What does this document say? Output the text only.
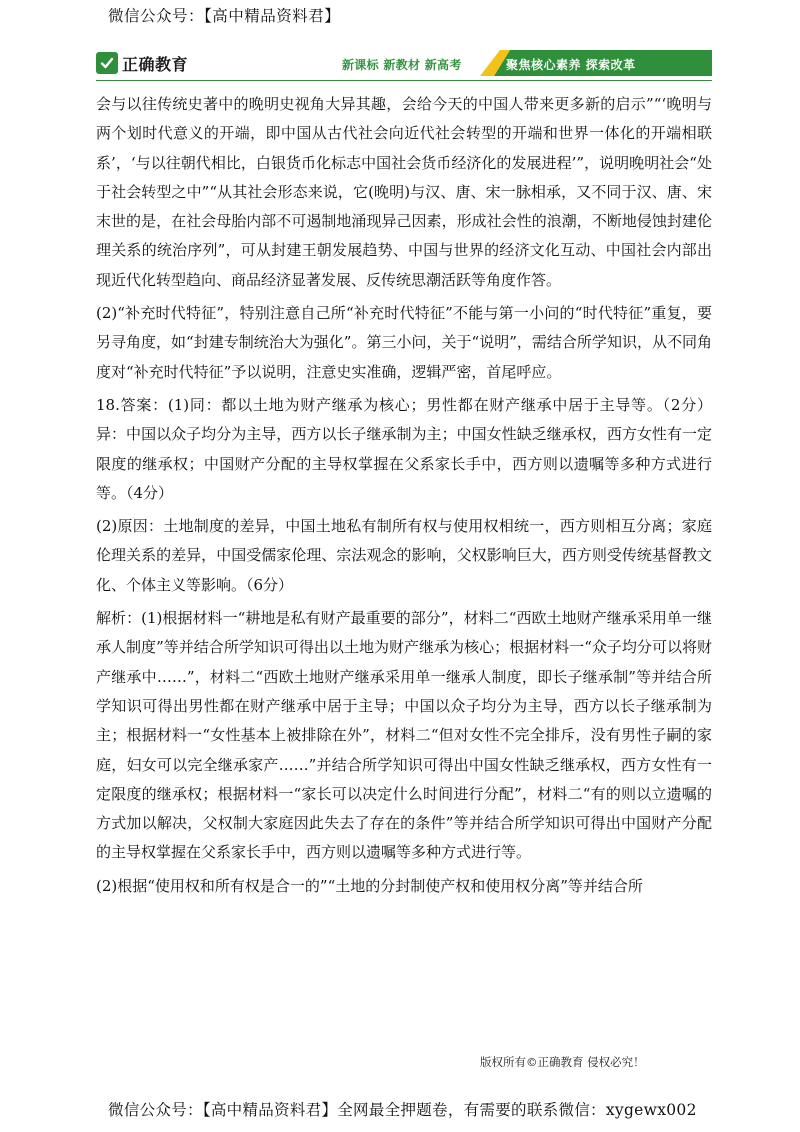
微信公众号：【高中精品资料君】
正确教育	新课标 新教材 新高考	聚焦核心素养 探索改革

会与以往传统史著中的晚明史视角大异其趣，会给今天的中国人带来更多新的启示”“‘晚明与两个划时代意义的开端，即中国从古代社会向近代社会转型的开端和世界一体化的开端相联系’，‘与以往朝代相比，白银货币化标志中国社会货币经济化的发展进程’”，说明晚明社会“处于社会转型之中”“从其社会形态来说，它(晚明)与汉、唐、宋一脉相承，又不同于汉、唐、宋末世的是，在社会母胎内部不可遏制地涌现异己因素，形成社会性的浪潮，不断地侵蚀封建伦理关系的统治序列”，可从封建王朝发展趋势、中国与世界的经济文化互动、中国社会内部出现近代化转型趋向、商品经济显著发展、反传统思潮活跃等角度作答。

(2)“补充时代特征”，特别注意自己所“补充时代特征”不能与第一小问的“时代特征”重复，要另寻角度，如“封建专制统治大为强化”。第三小问，关于“说明”，需结合所学知识，从不同角度对“补充时代特征”予以说明，注意史实准确，逻辑严密，首尾呼应。

18.答案：(1)同：都以土地为财产继承为核心；男性都在财产继承中居于主导等。（2分）异：中国以众子均分为主导，西方以长子继承制为主；中国女性缺乏继承权，西方女性有一定限度的继承权；中国财产分配的主导权掌握在父系家长手中，西方则以遗嘱等多种方式进行等。（4分）

(2)原因：土地制度的差异，中国土地私有制所有权与使用权相统一，西方则相互分离；家庭伦理关系的差异，中国受儒家伦理、宗法观念的影响，父权影响巨大，西方则受传统基督教文化、个体主义等影响。（6分）

解析：(1)根据材料一“耕地是私有财产最重要的部分”，材料二“西欧土地财产继承采用单一继承人制度”等并结合所学知识可得出以土地为财产继承为核心；根据材料一“众子均分可以将财产继承中……”，材料二“西欧土地财产继承采用单一继承人制度，即长子继承制”等并结合所学知识可得出男性都在财产继承中居于主导；中国以众子均分为主导，西方以长子继承制为主；根据材料一“女性基本上被排除在外”，材料二“但对女性不完全排斥，没有男性子嗣的家庭，妇女可以完全继承家产……”并结合所学知识可得出中国女性缺乏继承权，西方女性有一定限度的继承权；根据材料一“家长可以决定什么时间进行分配”，材料二“有的则以立遗嘱的方式加以解决，父权制大家庭因此失去了存在的条件”等并结合所学知识可得出中国财产分配的主导权掌握在父系家长手中，西方则以遗嘱等多种方式进行等。

(2)根据“使用权和所有权是合一的”“土地的分封制使产权和使用权分离”等并结合所

版权所有©正确教育 侵权必究！
微信公众号：【高中精品资料君】全网最全押题卷，有需要的联系微信：xygewx002
